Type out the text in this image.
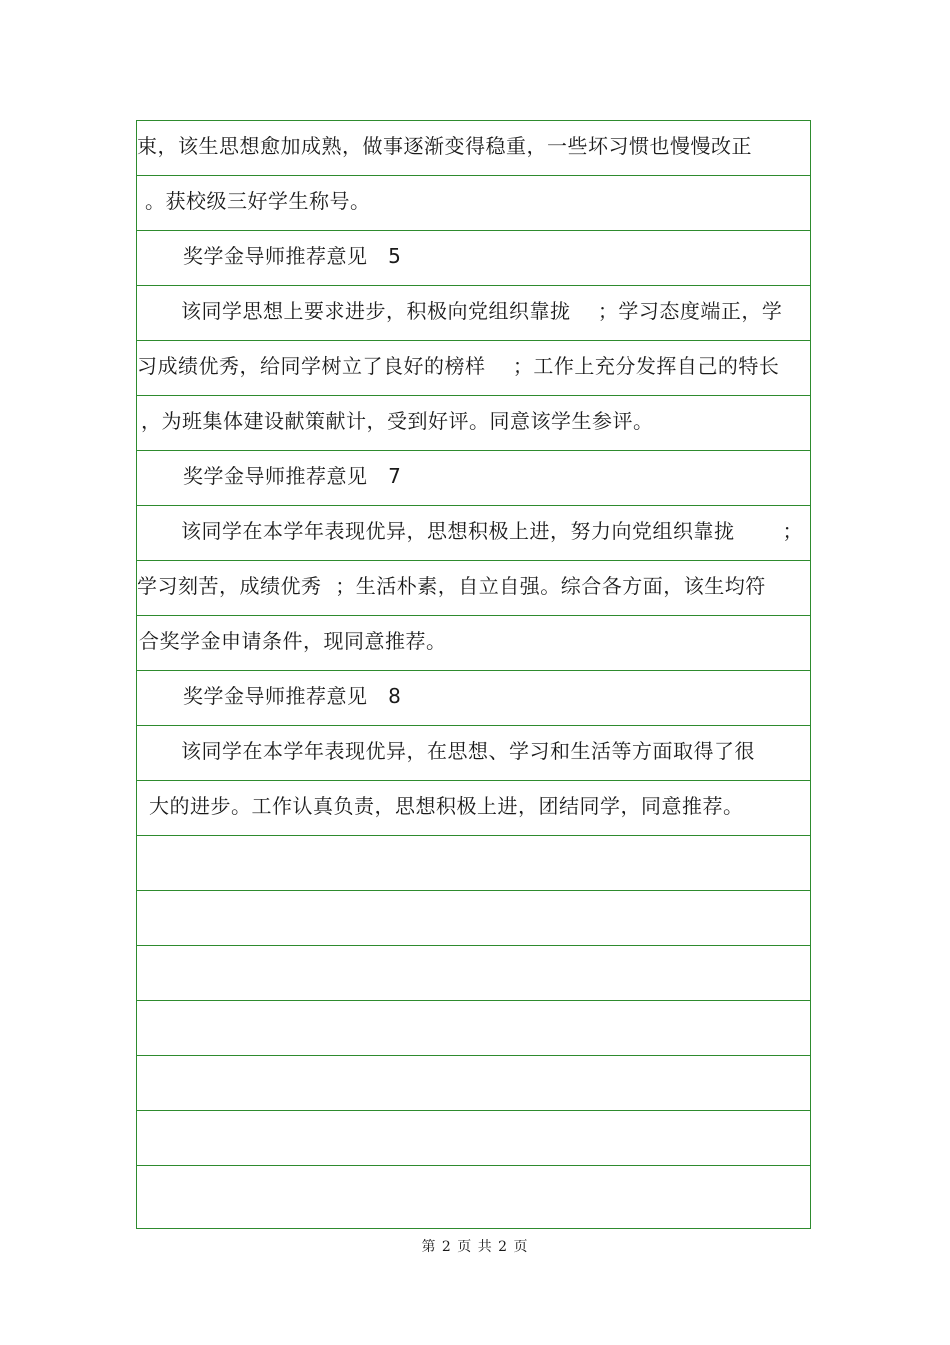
束，该生思想愈加成熟，做事逐渐变得稳重，一些坏习惯也慢慢改正
。获校级三好学生称号。
奖学金导师推荐意见   5
该同学思想上要求进步，积极向党组织靠拢    ；学习态度端正，学
习成绩优秀，给同学树立了良好的榜样    ；工作上充分发挥自己的特长
，为班集体建设献策献计，受到好评。同意该学生参评。
奖学金导师推荐意见   7
该同学在本学年表现优异，思想积极上进，努力向党组织靠拢       ；
学习刻苦，成绩优秀  ；生活朴素，自立自强。综合各方面，该生均符
合奖学金申请条件，现同意推荐。
奖学金导师推荐意见   8
该同学在本学年表现优异，在思想、学习和生活等方面取得了很
大的进步。工作认真负责，思想积极上进，团结同学，同意推荐。
第 2 页 共 2 页
